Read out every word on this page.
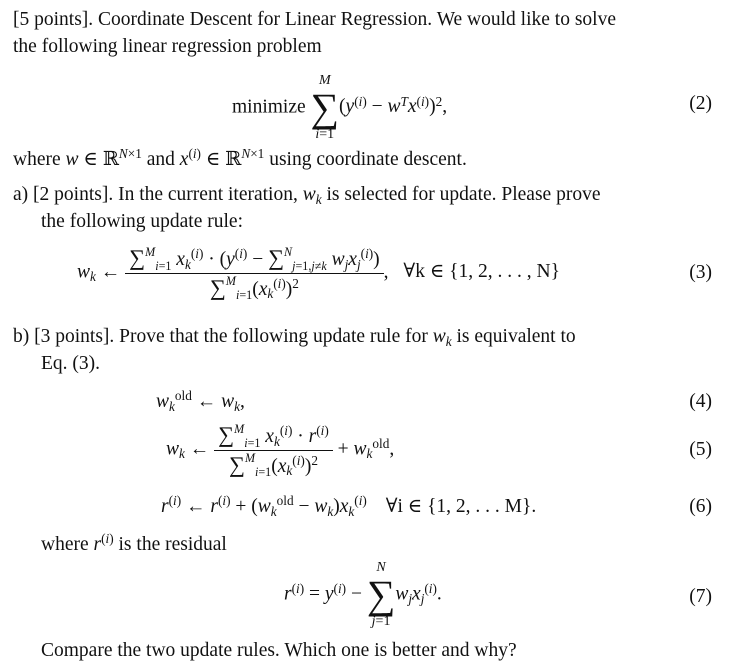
[5 points]. Coordinate Descent for Linear Regression. We would like to solve
the following linear regression problem
minimize ∑
M
i=1
$(y^{(i)} - w^Tx^{(i)})^2$,	(2)
where w ∈ ℝ$^{N\times 1}$ and $x^{(i)}$ ∈ ℝ$^{N\times 1}$ using coordinate descent.
a) [2 points]. In the current iteration, $w_k$ is selected for update. Please prove
the following update rule:
$w_k$ ← $\frac{\sum^M_{i=1} x_k^{(i)} \cdot (y^{(i)} - \sum^N_{j=1,j\ne k} w_jx_j^{(i)})}{\sum^M_{i=1}(x_k^{(i)})^2}$ , ∀k ∈ {1, 2, . . . , N}	(3)
b) [3 points]. Prove that the following update rule for $w_k$ is equivalent to
Eq. (3).
$w_k^{old}$ ← $w_k$,	(4)
$w_k$ ← $\frac{\sum^M_{i=1} x_k^{(i)} \cdot r^{(i)}}{\sum^M_{i=1}(x_k^{(i)})^2} + w_k^{old}$,	(5)
$r^{(i)}$ ← $r^{(i)} + (w_k^{old} - w_k)x_k^{(i)}$ ∀i ∈ {1, 2, . . . M}.	(6)
where $r^{(i)}$ is the residual
$r^{(i)} = y^{(i)}$ − ∑
N
j=1
$w_jx_j^{(i)}$.	(7)
Compare the two update rules. Which one is better and why?
